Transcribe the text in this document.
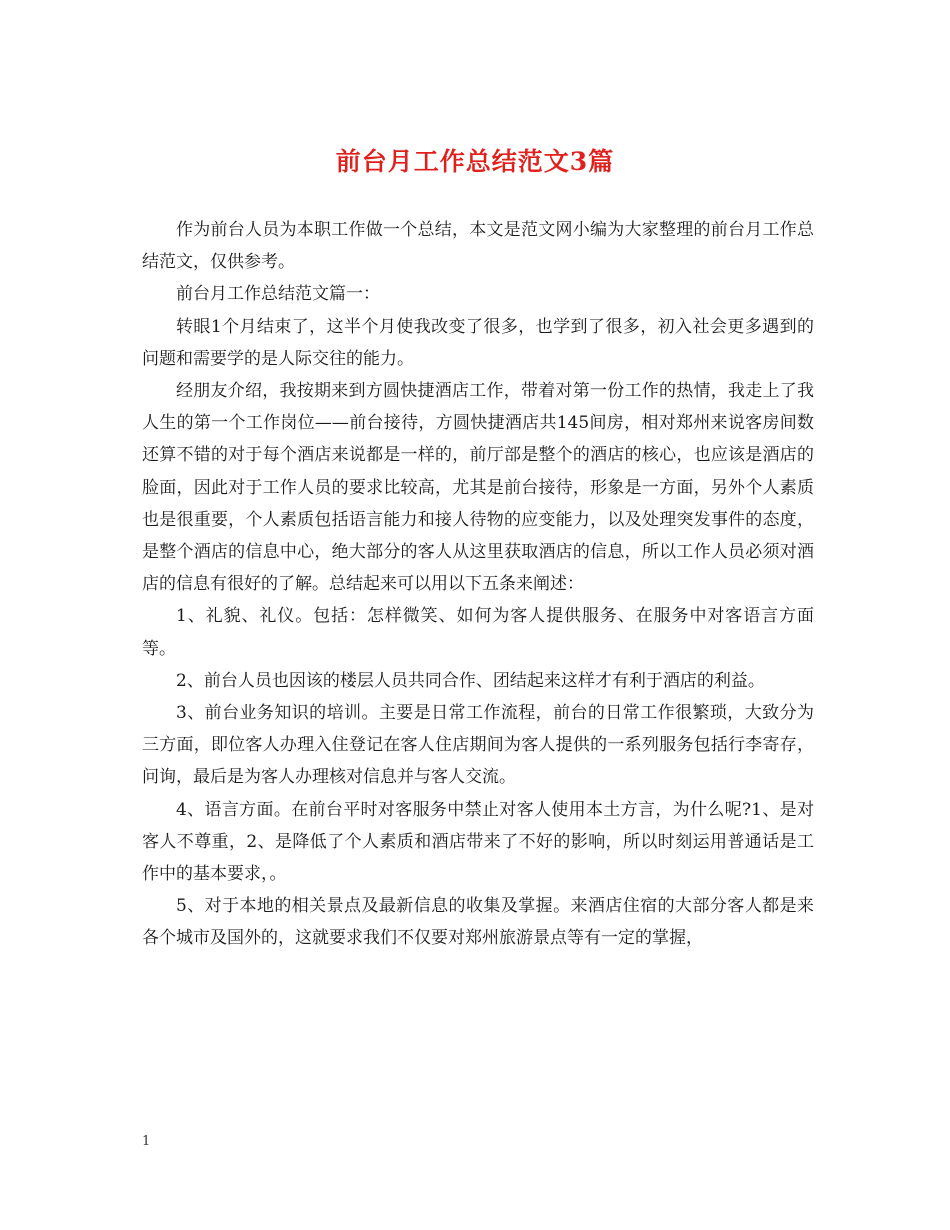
前台月工作总结范文3篇

作为前台人员为本职工作做一个总结，本文是范文网小编为大家整理的前台月工作总结范文，仅供参考。

前台月工作总结范文篇一：

转眼1个月结束了，这半个月使我改变了很多，也学到了很多，初入社会更多遇到的问题和需要学的是人际交往的能力。

经朋友介绍，我按期来到方圆快捷酒店工作，带着对第一份工作的热情，我走上了我人生的第一个工作岗位——前台接待，方圆快捷酒店共145间房，相对郑州来说客房间数还算不错的对于每个酒店来说都是一样的，前厅部是整个的酒店的核心，也应该是酒店的脸面，因此对于工作人员的要求比较高，尤其是前台接待，形象是一方面，另外个人素质也是很重要，个人素质包括语言能力和接人待物的应变能力，以及处理突发事件的态度，是整个酒店的信息中心，绝大部分的客人从这里获取酒店的信息，所以工作人员必须对酒店的信息有很好的了解。总结起来可以用以下五条来阐述：

1、礼貌、礼仪。包括：怎样微笑、如何为客人提供服务、在服务中对客语言方面等。

2、前台人员也因该的楼层人员共同合作、团结起来这样才有利于酒店的利益。

3、前台业务知识的培训。主要是日常工作流程，前台的日常工作很繁琐，大致分为三方面，即位客人办理入住登记在客人住店期间为客人提供的一系列服务包括行李寄存，问询，最后是为客人办理核对信息并与客人交流。

4、语言方面。在前台平时对客服务中禁止对客人使用本土方言，为什么呢?1、是对客人不尊重，2、是降低了个人素质和酒店带来了不好的影响，所以时刻运用普通话是工作中的基本要求，。

5、对于本地的相关景点及最新信息的收集及掌握。来酒店住宿的大部分客人都是来各个城市及国外的，这就要求我们不仅要对郑州旅游景点等有一定的掌握，

1
